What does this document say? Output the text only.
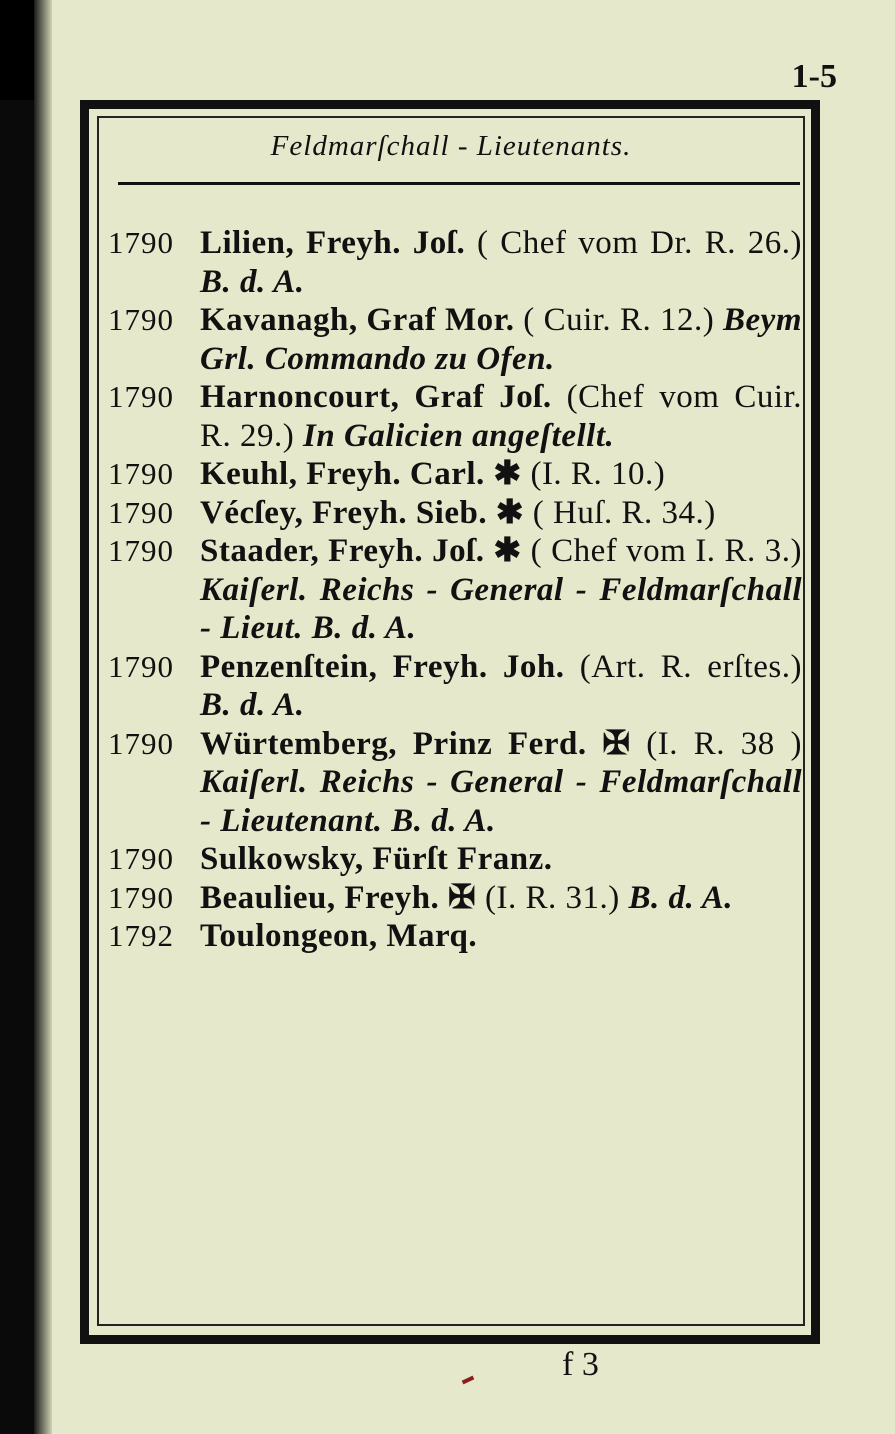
1-5
Feldmarſchall - Lieutenants.
1790 Lilien, Freyh. Joſ. ( Chef vom Dr. R. 26.) B. d. A.
1790 Kavanagh, Graf Mor. ( Cuir. R. 12.) Beym Grl. Commando zu Ofen.
1790 Harnoncourt, Graf Joſ. (Chef vom Cuir. R. 29.) In Galicien angeſtellt.
1790 Keuhl, Freyh. Carl. ✱ (I. R. 10.)
1790 Vécſey, Freyh. Sieb. ✱ ( Huſ. R. 34.)
1790 Staader, Freyh. Joſ. ✱ ( Chef vom I. R. 3.) Kaiſerl. Reichs - General - Feldmarſchall - Lieut. B. d. A.
1790 Penzenſtein, Freyh. Joh. (Art. R. erſtes.) B. d. A.
1790 Würtemberg, Prinz Ferd. ✠ (I. R. 38 ) Kaiſerl. Reichs - General - Feldmarſchall - Lieutenant. B. d. A.
1790 Sulkowsky, Fürſt Franz.
1790 Beaulieu, Freyh. ✠ (I. R. 31.) B. d. A.
1792 Toulongeon, Marq.
f 3
